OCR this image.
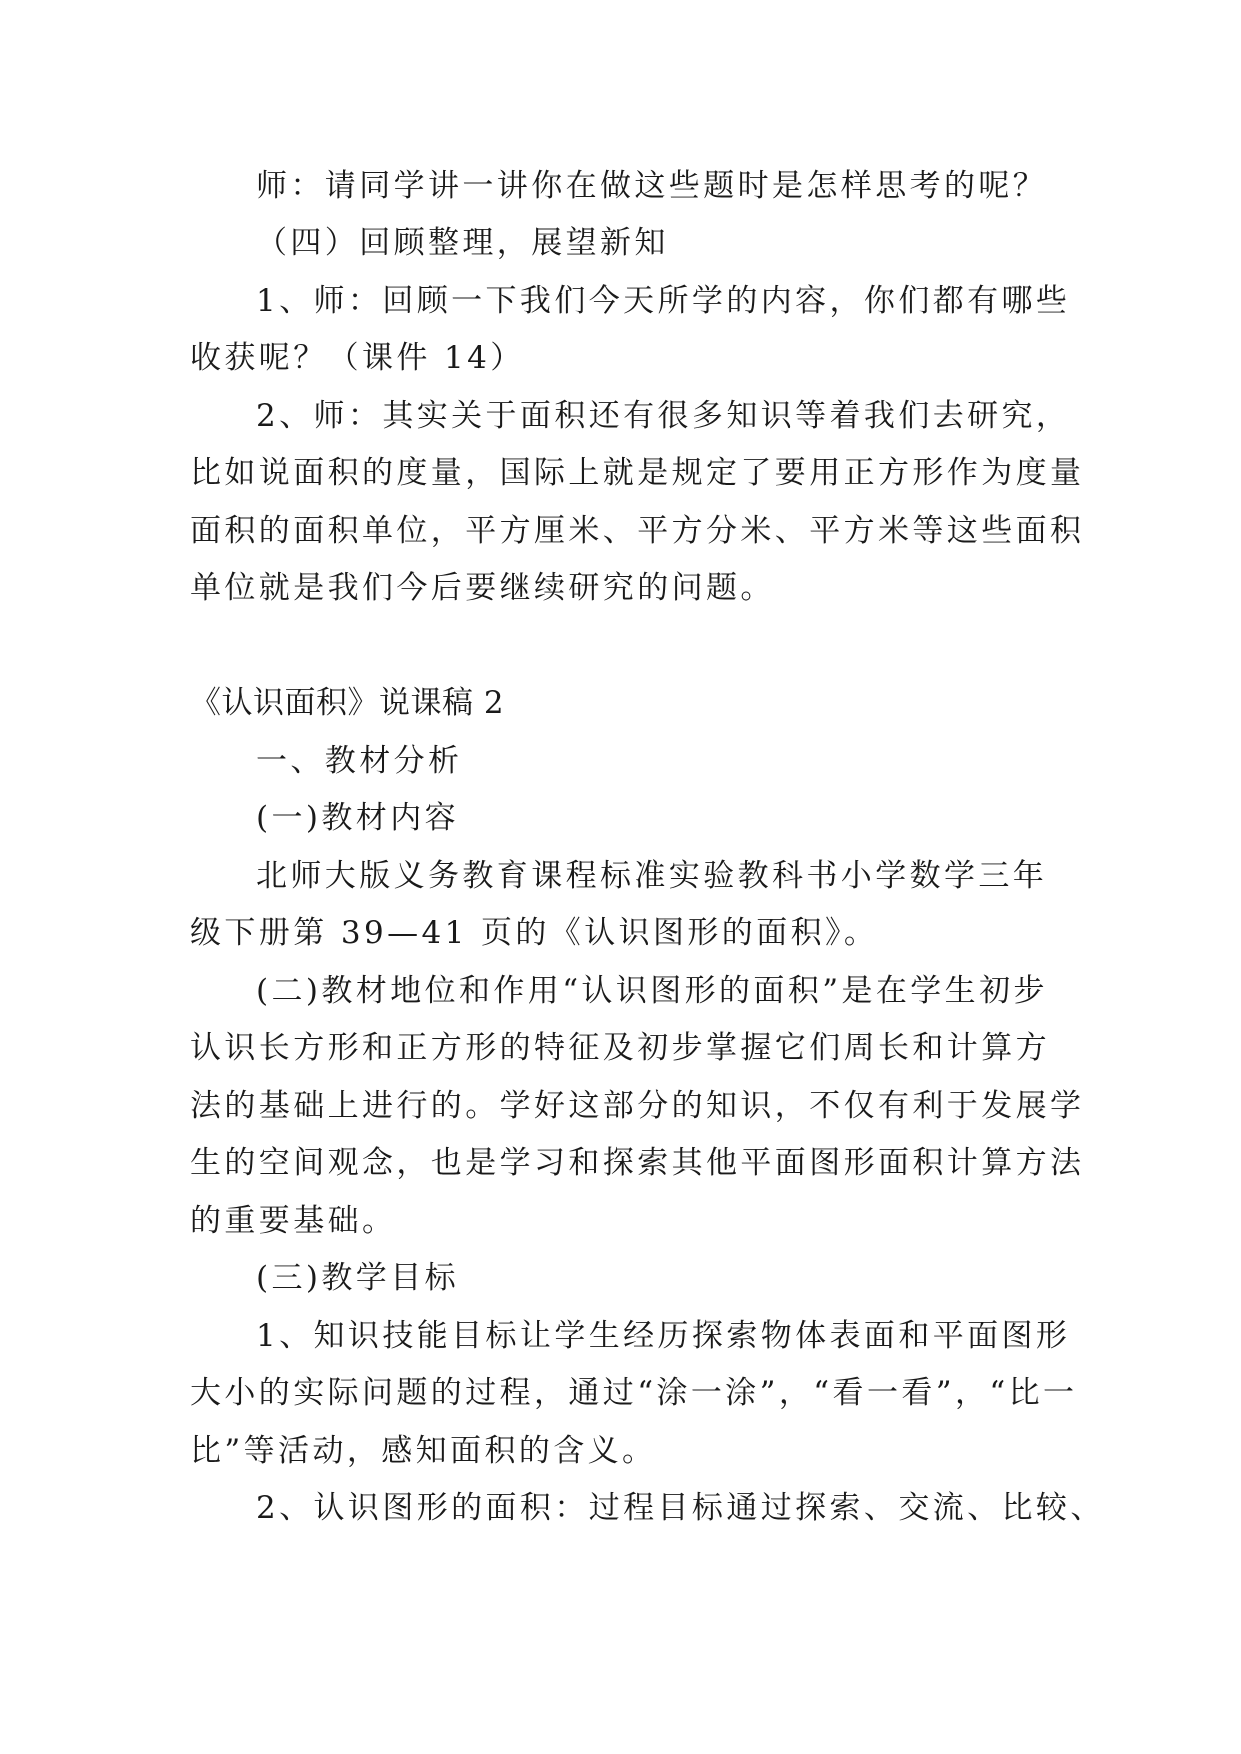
师：请同学讲一讲你在做这些题时是怎样思考的呢？
（四）回顾整理，展望新知
1、师：回顾一下我们今天所学的内容，你们都有哪些
收获呢？（课件 14）
2、师：其实关于面积还有很多知识等着我们去研究，
比如说面积的度量，国际上就是规定了要用正方形作为度量
面积的面积单位，平方厘米、平方分米、平方米等这些面积
单位就是我们今后要继续研究的问题。
《认识面积》说课稿 2
一、教材分析
(一)教材内容
北师大版义务教育课程标准实验教科书小学数学三年
级下册第 39—41 页的《认识图形的面积》。
(二)教材地位和作用“认识图形的面积”是在学生初步
认识长方形和正方形的特征及初步掌握它们周长和计算方
法的基础上进行的。学好这部分的知识，不仅有利于发展学
生的空间观念，也是学习和探索其他平面图形面积计算方法
的重要基础。
(三)教学目标
1、知识技能目标让学生经历探索物体表面和平面图形
大小的实际问题的过程，通过“涂一涂”，“看一看”，“比一
比”等活动，感知面积的含义。
2、认识图形的面积：过程目标通过探索、交流、比较、
